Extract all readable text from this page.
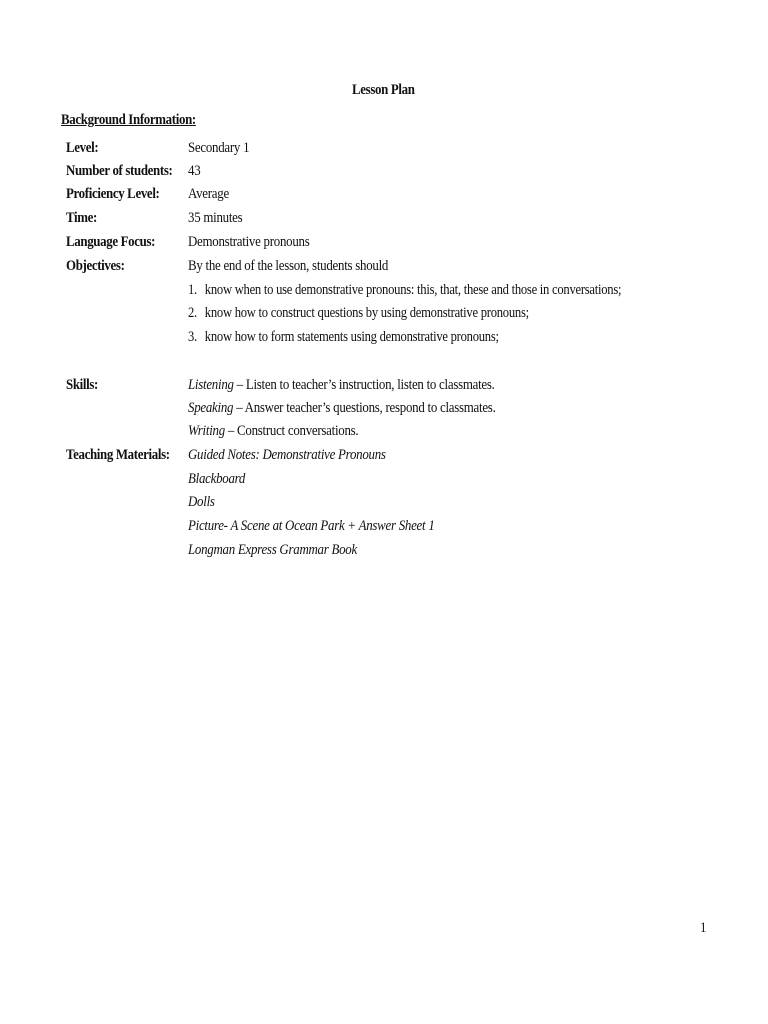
Lesson Plan
Background Information:
Level:	Secondary 1
Number of students: 43
Proficiency Level: Average
Time:	35 minutes
Language Focus: Demonstrative pronouns
Objectives:	By the end of the lesson, students should
1. know when to use demonstrative pronouns: this, that, these and those in conversations;
2. know how to construct questions by using demonstrative pronouns;
3. know how to form statements using demonstrative pronouns;
Skills:	Listening – Listen to teacher’s instruction, listen to classmates.
Speaking – Answer teacher’s questions, respond to classmates.
Writing – Construct conversations.
Teaching Materials: Guided Notes: Demonstrative Pronouns
Blackboard
Dolls
Picture- A Scene at Ocean Park + Answer Sheet 1
Longman Express Grammar Book
1
